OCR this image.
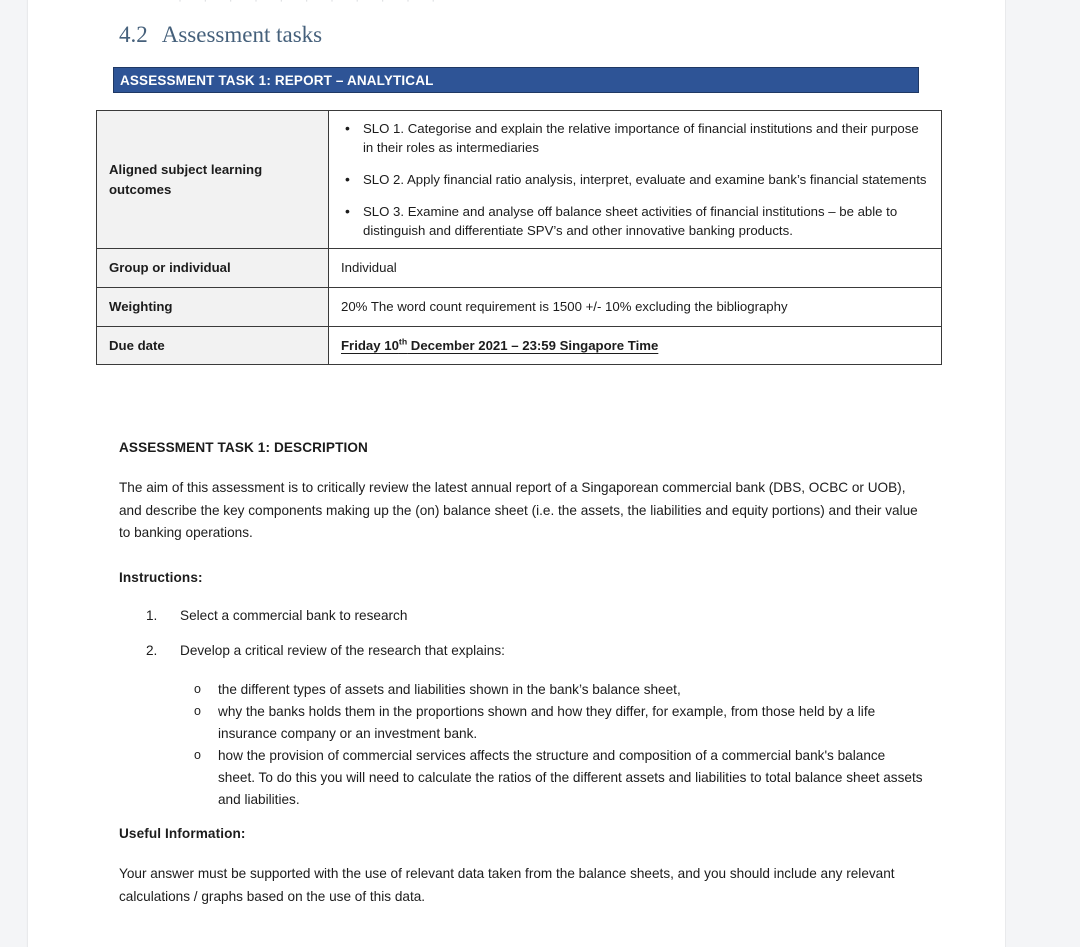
· · · · · · · · · · ·
4.2 Assessment tasks
ASSESSMENT TASK 1: REPORT – ANALYTICAL
Aligned subject learning outcomes	
• SLO 1. Categorise and explain the relative importance of financial institutions and their purpose in their roles as intermediaries
• SLO 2. Apply financial ratio analysis, interpret, evaluate and examine bank’s financial statements
• SLO 3. Examine and analyse off balance sheet activities of financial institutions – be able to distinguish and differentiate SPV’s and other innovative banking products.

Group or individual	Individual
Weighting	20% The word count requirement is 1500 +/- 10% excluding the bibliography
Due date	Friday 10th December 2021 – 23:59 Singapore Time
ASSESSMENT TASK 1: DESCRIPTION
The aim of this assessment is to critically review the latest annual report of a Singaporean commercial bank (DBS, OCBC or UOB), and describe the key components making up the (on) balance sheet (i.e. the assets, the liabilities and equity portions) and their value to banking operations.
Instructions:
1.	Select a commercial bank to research
2.	Develop a critical review of the research that explains:
o the different types of assets and liabilities shown in the bank’s balance sheet,
o why the banks holds them in the proportions shown and how they differ, for example, from those held by a life insurance company or an investment bank.
o how the provision of commercial services affects the structure and composition of a commercial bank's balance sheet. To do this you will need to calculate the ratios of the different assets and liabilities to total balance sheet assets and liabilities.
Useful Information:
Your answer must be supported with the use of relevant data taken from the balance sheets, and you should include any relevant calculations / graphs based on the use of this data.
